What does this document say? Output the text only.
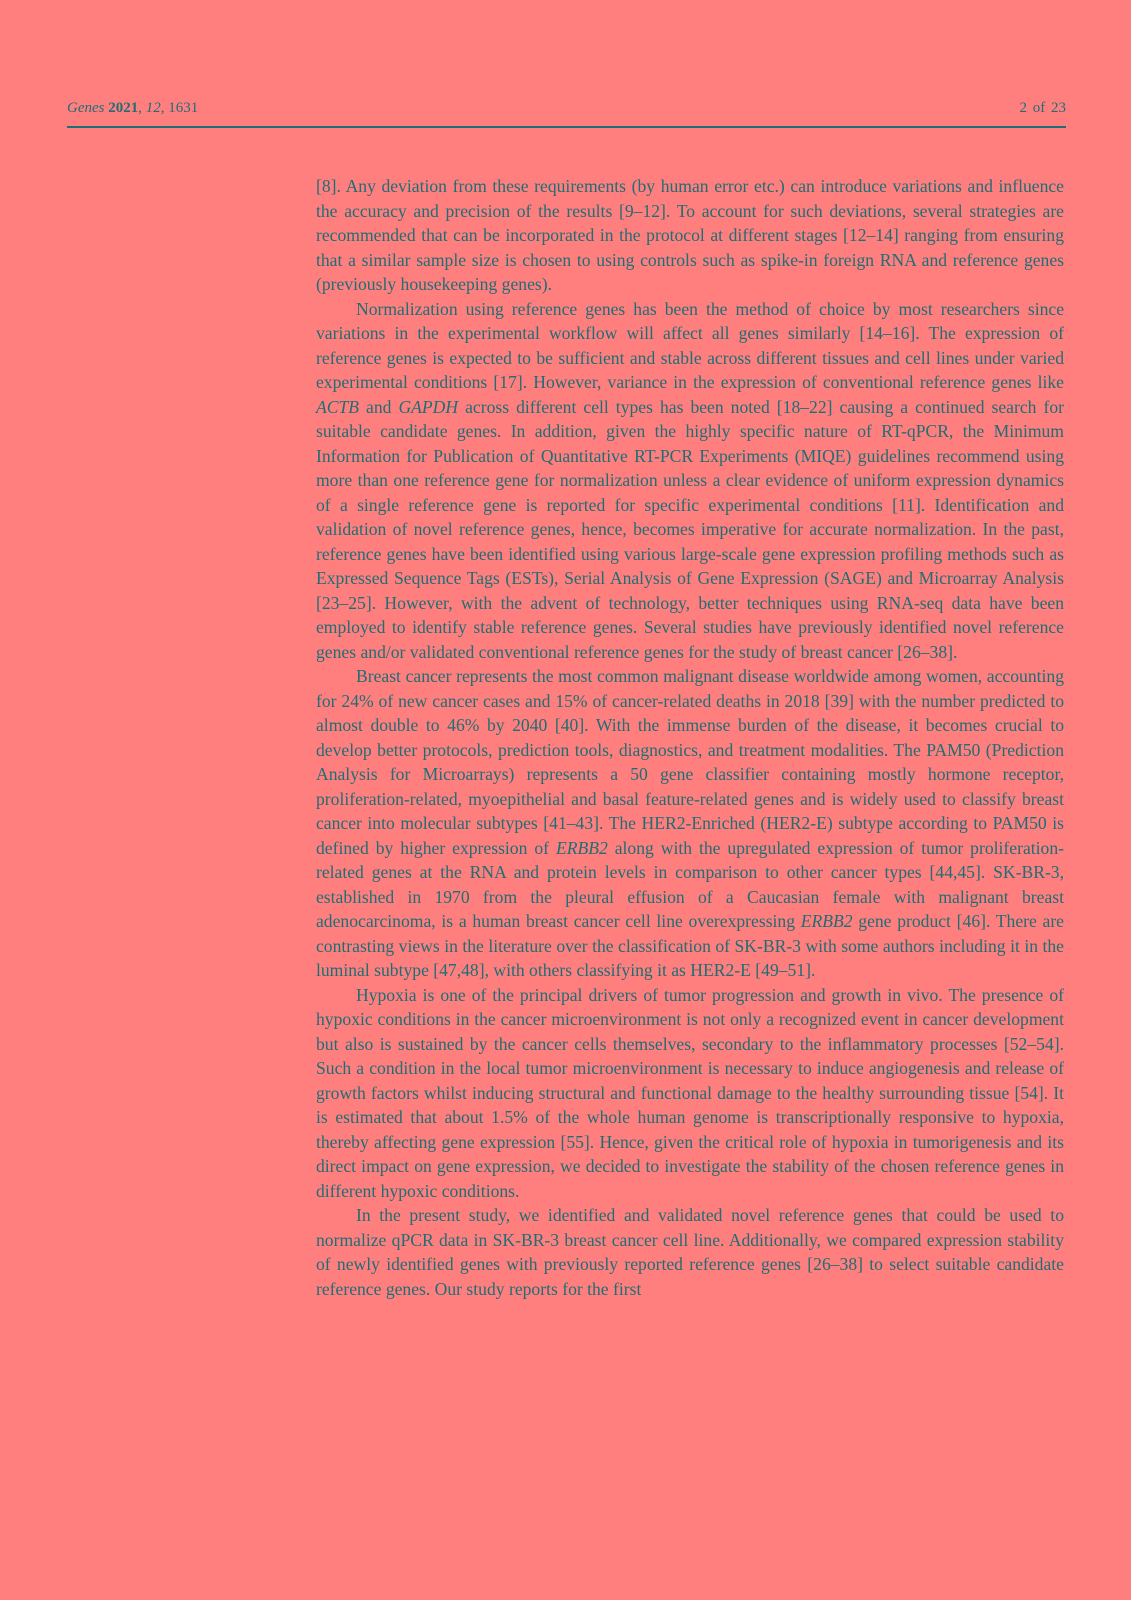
Genes 2021, 12, 1631	2 of 23

[8]. Any deviation from these requirements (by human error etc.) can introduce variations and influence the accuracy and precision of the results [9–12]. To account for such deviations, several strategies are recommended that can be incorporated in the protocol at different stages [12–14] ranging from ensuring that a similar sample size is chosen to using controls such as spike-in foreign RNA and reference genes (previously housekeeping genes).

Normalization using reference genes has been the method of choice by most researchers since variations in the experimental workflow will affect all genes similarly [14–16]. The expression of reference genes is expected to be sufficient and stable across different tissues and cell lines under varied experimental conditions [17]. However, variance in the expression of conventional reference genes like ACTB and GAPDH across different cell types has been noted [18–22] causing a continued search for suitable candidate genes. In addition, given the highly specific nature of RT-qPCR, the Minimum Information for Publication of Quantitative RT-PCR Experiments (MIQE) guidelines recommend using more than one reference gene for normalization unless a clear evidence of uniform expression dynamics of a single reference gene is reported for specific experimental conditions [11]. Identification and validation of novel reference genes, hence, becomes imperative for accurate normalization. In the past, reference genes have been identified using various large-scale gene expression profiling methods such as Expressed Sequence Tags (ESTs), Serial Analysis of Gene Expression (SAGE) and Microarray Analysis [23–25]. However, with the advent of technology, better techniques using RNA-seq data have been employed to identify stable reference genes. Several studies have previously identified novel reference genes and/or validated conventional reference genes for the study of breast cancer [26–38].

Breast cancer represents the most common malignant disease worldwide among women, accounting for 24% of new cancer cases and 15% of cancer-related deaths in 2018 [39] with the number predicted to almost double to 46% by 2040 [40]. With the immense burden of the disease, it becomes crucial to develop better protocols, prediction tools, diagnostics, and treatment modalities. The PAM50 (Prediction Analysis for Microarrays) represents a 50 gene classifier containing mostly hormone receptor, proliferation-related, myoepithelial and basal feature-related genes and is widely used to classify breast cancer into molecular subtypes [41–43]. The HER2-Enriched (HER2-E) subtype according to PAM50 is defined by higher expression of ERBB2 along with the upregulated expression of tumor proliferation-related genes at the RNA and protein levels in comparison to other cancer types [44,45]. SK-BR-3, established in 1970 from the pleural effusion of a Caucasian female with malignant breast adenocarcinoma, is a human breast cancer cell line overexpressing ERBB2 gene product [46]. There are contrasting views in the literature over the classification of SK-BR-3 with some authors including it in the luminal subtype [47,48], with others classifying it as HER2-E [49–51].

Hypoxia is one of the principal drivers of tumor progression and growth in vivo. The presence of hypoxic conditions in the cancer microenvironment is not only a recognized event in cancer development but also is sustained by the cancer cells themselves, secondary to the inflammatory processes [52–54]. Such a condition in the local tumor microenvironment is necessary to induce angiogenesis and release of growth factors whilst inducing structural and functional damage to the healthy surrounding tissue [54]. It is estimated that about 1.5% of the whole human genome is transcriptionally responsive to hypoxia, thereby affecting gene expression [55]. Hence, given the critical role of hypoxia in tumorigenesis and its direct impact on gene expression, we decided to investigate the stability of the chosen reference genes in different hypoxic conditions.

In the present study, we identified and validated novel reference genes that could be used to normalize qPCR data in SK-BR-3 breast cancer cell line. Additionally, we compared expression stability of newly identified genes with previously reported reference genes [26–38] to select suitable candidate reference genes. Our study reports for the first
